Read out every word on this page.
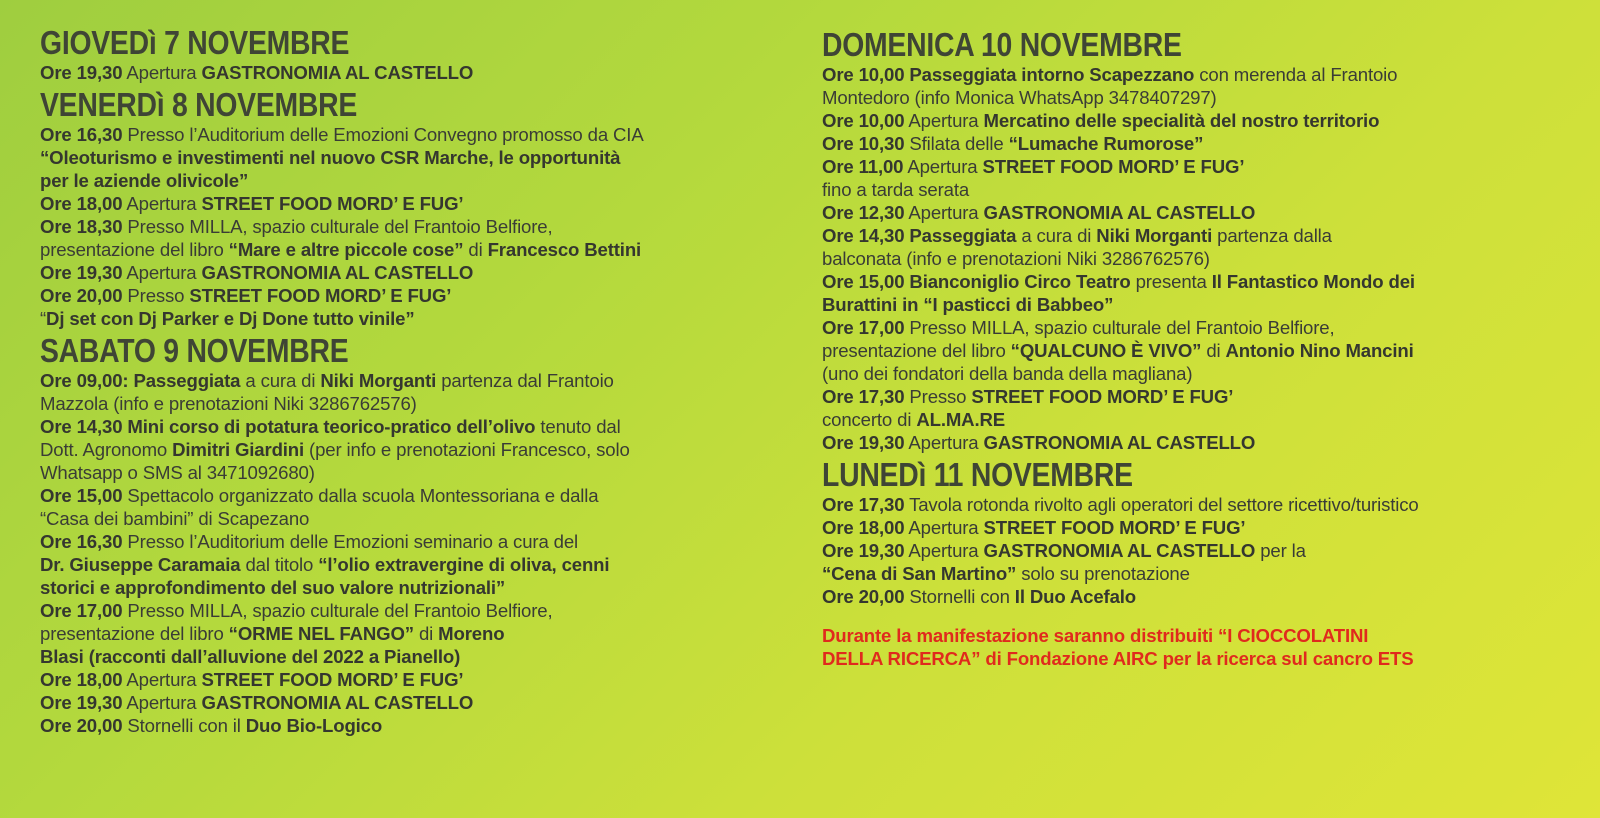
GIOVEDì 7 NOVEMBRE
Ore 19,30 Apertura GASTRONOMIA AL CASTELLO
VENERDì 8 NOVEMBRE
Ore 16,30 Presso l’Auditorium delle Emozioni Convegno promosso da CIA
“Oleoturismo e investimenti nel nuovo CSR Marche, le opportunità
per le aziende olivicole”
Ore 18,00 Apertura STREET FOOD MORD’ E FUG’
Ore 18,30 Presso MILLA, spazio culturale del Frantoio Belfiore,
presentazione del libro “Mare e altre piccole cose” di Francesco Bettini
Ore 19,30 Apertura GASTRONOMIA AL CASTELLO
Ore 20,00 Presso STREET FOOD MORD’ E FUG’
“Dj set con Dj Parker e Dj Done tutto vinile”
SABATO 9 NOVEMBRE
Ore 09,00: Passeggiata a cura di Niki Morganti partenza dal Frantoio
Mazzola (info e prenotazioni Niki 3286762576)
Ore 14,30 Mini corso di potatura teorico-pratico dell’olivo tenuto dal
Dott. Agronomo Dimitri Giardini (per info e prenotazioni Francesco, solo
Whatsapp o SMS al 3471092680)
Ore 15,00 Spettacolo organizzato dalla scuola Montessoriana e dalla
“Casa dei bambini” di Scapezano
Ore 16,30 Presso l’Auditorium delle Emozioni seminario a cura del
Dr. Giuseppe Caramaia dal titolo “l’olio extravergine di oliva, cenni
storici e approfondimento del suo valore nutrizionali”
Ore 17,00 Presso MILLA, spazio culturale del Frantoio Belfiore,
presentazione del libro “ORME NEL FANGO” di Moreno
Blasi (racconti dall’alluvione del 2022 a Pianello)
Ore 18,00 Apertura STREET FOOD MORD’ E FUG’
Ore 19,30 Apertura GASTRONOMIA AL CASTELLO
Ore 20,00 Stornelli con il Duo Bio-Logico
DOMENICA 10 NOVEMBRE
Ore 10,00 Passeggiata intorno Scapezzano con merenda al Frantoio
Montedoro (info Monica WhatsApp 3478407297)
Ore 10,00 Apertura Mercatino delle specialità del nostro territorio
Ore 10,30 Sfilata delle “Lumache Rumorose”
Ore 11,00 Apertura STREET FOOD MORD’ E FUG’
fino a tarda serata
Ore 12,30 Apertura GASTRONOMIA AL CASTELLO
Ore 14,30 Passeggiata a cura di Niki Morganti partenza dalla
balconata (info e prenotazioni Niki 3286762576)
Ore 15,00 Bianconiglio Circo Teatro presenta Il Fantastico Mondo dei
Burattini in “I pasticci di Babbeo”
Ore 17,00 Presso MILLA, spazio culturale del Frantoio Belfiore,
presentazione del libro “QUALCUNO È VIVO” di Antonio Nino Mancini
(uno dei fondatori della banda della magliana)
Ore 17,30 Presso STREET FOOD MORD’ E FUG’
concerto di AL.MA.RE
Ore 19,30 Apertura GASTRONOMIA AL CASTELLO
LUNEDì 11 NOVEMBRE
Ore 17,30 Tavola rotonda rivolto agli operatori del settore ricettivo/turistico
Ore 18,00 Apertura STREET FOOD MORD’ E FUG’
Ore 19,30 Apertura GASTRONOMIA AL CASTELLO per la
“Cena di San Martino” solo su prenotazione
Ore 20,00 Stornelli con Il Duo Acefalo
Durante la manifestazione saranno distribuiti “I CIOCCOLATINI
DELLA RICERCA” di Fondazione AIRC per la ricerca sul cancro ETS
